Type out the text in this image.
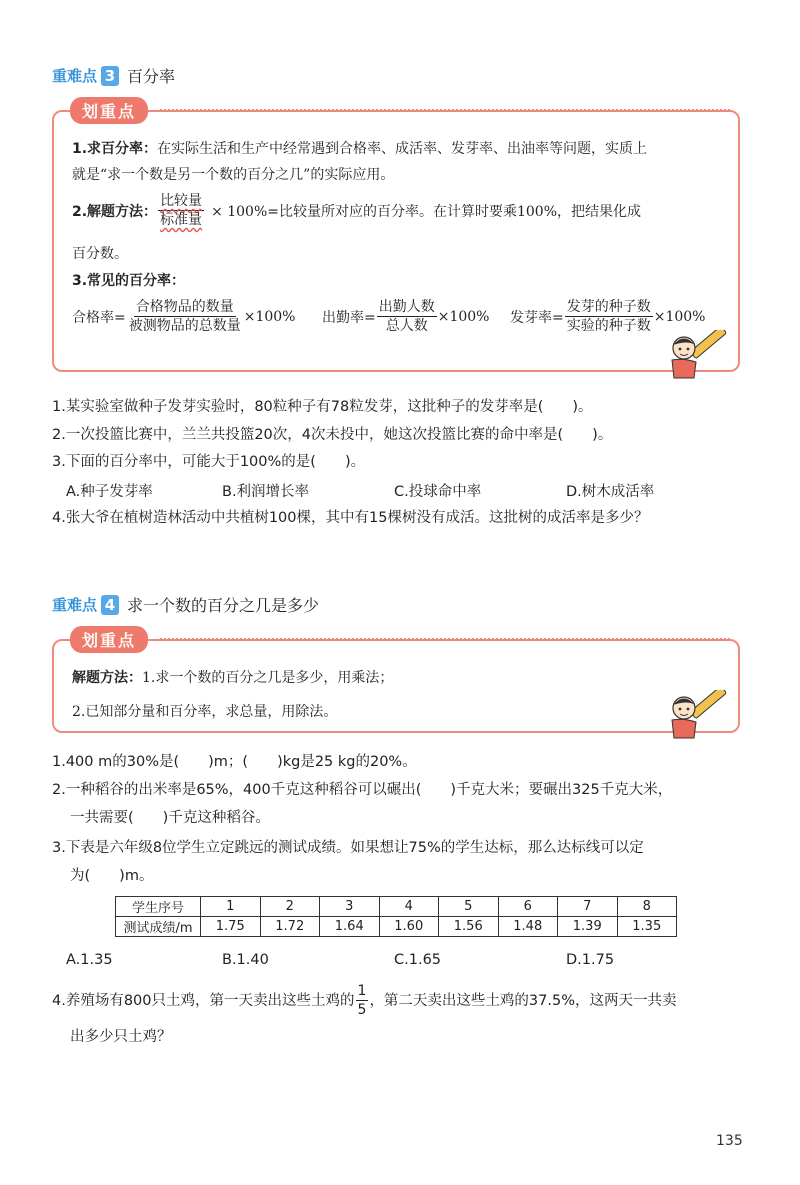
重难点 3 百分率
划重点
1.求百分率：在实际生活和生产中经常遇到合格率、成活率、发芽率、出油率等问题，实质上
就是“求一个数是另一个数的百分之几”的实际应用。
2.解题方法： $\frac{\text{比较量}}{\text{标准量}} \times 100\%=$比较量所对应的百分率。在计算时要乘100%，把结果化成
百分数。
3.常见的百分率：
合格率= $\frac{\text{合格物品的数量}}{\text{被测物品的总数量}} \times 100\%$ 出勤率= $\frac{\text{出勤人数}}{\text{总人数}} \times 100\%$ 发芽率= $\frac{\text{发芽的种子数}}{\text{实验的种子数}} \times 100\%$
1.某实验室做种子发芽实验时，80粒种子有78粒发芽，这批种子的发芽率是(　　)。
2.一次投篮比赛中，兰兰共投篮20次，4次未投中，她这次投篮比赛的命中率是(　　)。
3.下面的百分率中，可能大于100%的是(　　)。
A.种子发芽率	B.利润增长率	C.投球命中率	D.树木成活率
4.张大爷在植树造林活动中共植树100棵，其中有15棵树没有成活。这批树的成活率是多少？
重难点 4 求一个数的百分之几是多少
划重点
解题方法：1.求一个数的百分之几是多少，用乘法；
2.已知部分量和百分率，求总量，用除法。
1.400 m的30%是(　　)m；(　　)kg是25 kg的20%。
2.一种稻谷的出米率是65%，400千克这种稻谷可以碾出(　　)千克大米；要碾出325千克大米，
一共需要(　　)千克这种稻谷。
3.下表是六年级8位学生立定跳远的测试成绩。如果想让75%的学生达标，那么达标线可以定
为(　　)m。
学生序号	1	2	3	4	5	6	7	8
测试成绩/m	1.75	1.72	1.64	1.60	1.56	1.48	1.39	1.35
A.1.35	B.1.40	C.1.65	D.1.75
4.养殖场有800只土鸡，第一天卖出这些土鸡的 $\frac{1}{5}$ ，第二天卖出这些土鸡的37.5%，这两天一共卖
出多少只土鸡？
135
